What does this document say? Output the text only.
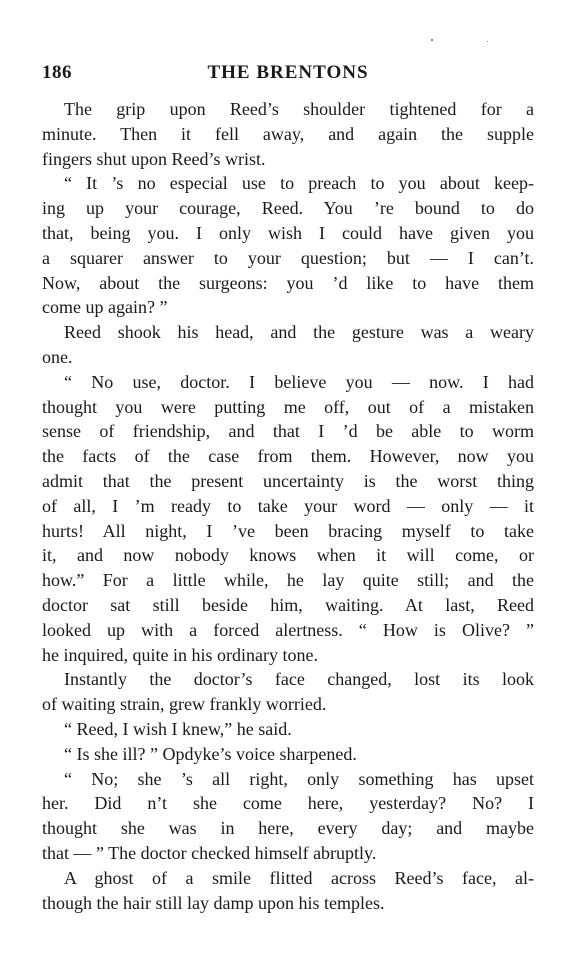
186	THE BRENTONS
The grip upon Reed’s shoulder tightened for a
minute. Then it fell away, and again the supple
fingers shut upon Reed’s wrist.
“ It ’s no especial use to preach to you about keep-
ing up your courage, Reed. You ’re bound to do
that, being you. I only wish I could have given you
a squarer answer to your question; but — I can’t.
Now, about the surgeons: you ’d like to have them
come up again? ”
Reed shook his head, and the gesture was a weary
one.
“ No use, doctor. I believe you — now. I had
thought you were putting me off, out of a mistaken
sense of friendship, and that I ’d be able to worm
the facts of the case from them. However, now you
admit that the present uncertainty is the worst thing
of all, I ’m ready to take your word — only — it
hurts! All night, I ’ve been bracing myself to take
it, and now nobody knows when it will come, or
how.” For a little while, he lay quite still; and the
doctor sat still beside him, waiting. At last, Reed
looked up with a forced alertness. “ How is Olive? ”
he inquired, quite in his ordinary tone.
Instantly the doctor’s face changed, lost its look
of waiting strain, grew frankly worried.
“ Reed, I wish I knew,” he said.
“ Is she ill? ” Opdyke’s voice sharpened.
“ No; she ’s all right, only something has upset
her. Did n’t she come here, yesterday? No? I
thought she was in here, every day; and maybe
that — ” The doctor checked himself abruptly.
A ghost of a smile flitted across Reed’s face, al-
though the hair still lay damp upon his temples.
